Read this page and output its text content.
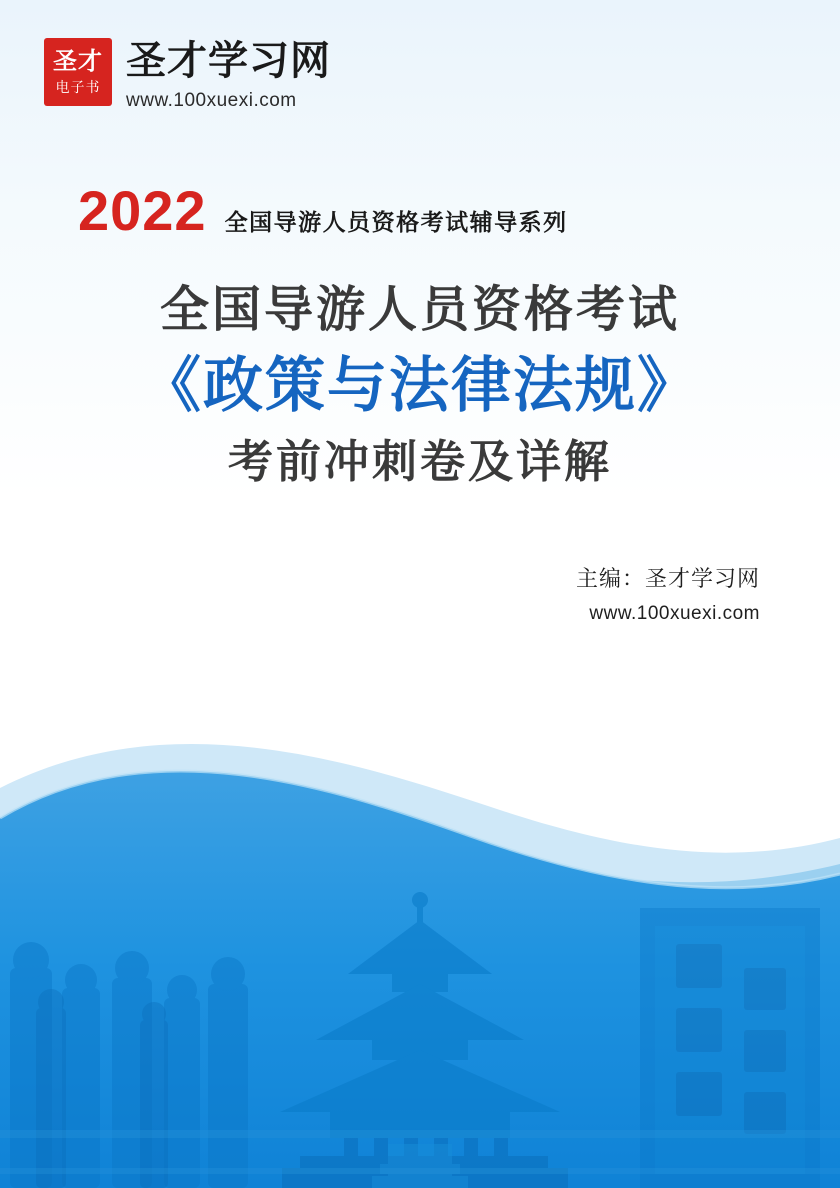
圣才
电子书
圣才学习网
www.100xuexi.com
2022 全国导游人员资格考试辅导系列
全国导游人员资格考试
《政策与法律法规》
考前冲刺卷及详解
主编：圣才学习网
www.100xuexi.com
